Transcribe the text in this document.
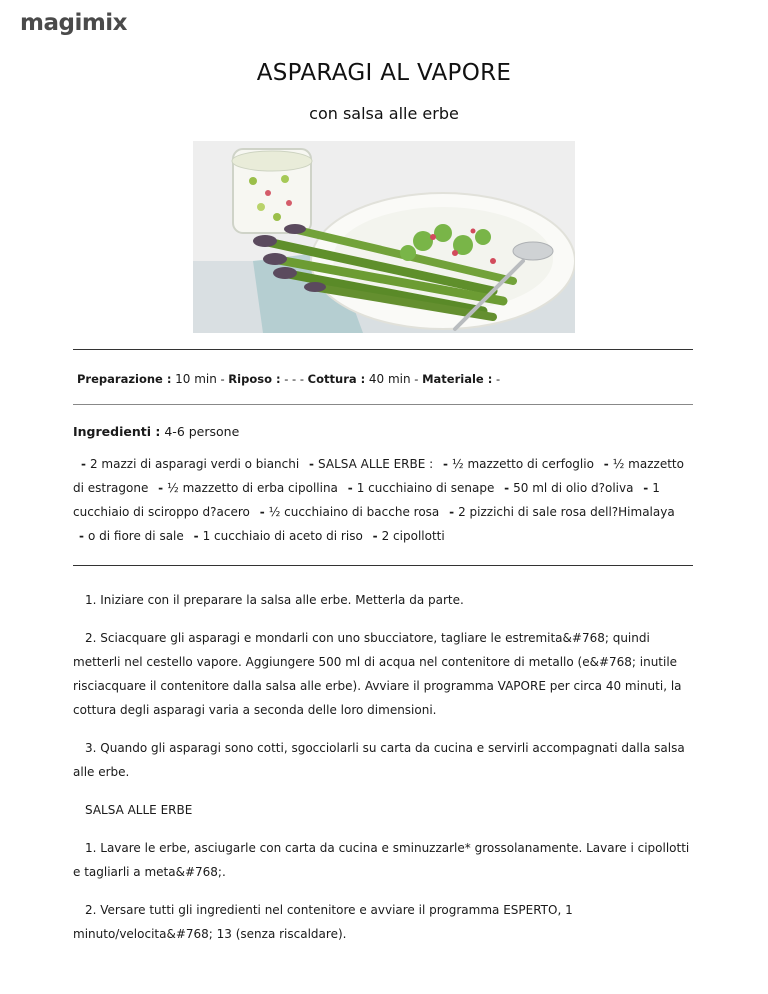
magimix
ASPARAGI AL VAPORE
con salsa alle erbe
Preparazione : 10 min - Riposo : - - - Cottura : 40 min - Materiale : -
Ingredienti : 4-6 persone
- 2 mazzi di asparagi verdi o bianchi - SALSA ALLE ERBE : - ½ mazzetto di cerfoglio - ½ mazzetto di estragone - ½ mazzetto di erba cipollina - 1 cucchiaino di senape - 50 ml di olio d?oliva - 1 cucchiaio di sciroppo d?acero - ½ cucchiaino di bacche rosa - 2 pizzichi di sale rosa dell?Himalaya - o di fiore di sale - 1 cucchiaio di aceto di riso - 2 cipollotti

1. Iniziare con il preparare la salsa alle erbe. Metterla da parte.

2. Sciacquare gli asparagi e mondarli con uno sbucciatore, tagliare le estremita&#768; quindi metterli nel cestello vapore. Aggiungere 500 ml di acqua nel contenitore di metallo (e&#768; inutile risciacquare il contenitore dalla salsa alle erbe). Avviare il programma VAPORE per circa 40 minuti, la cottura degli asparagi varia a seconda delle loro dimensioni.

3. Quando gli asparagi sono cotti, sgocciolarli su carta da cucina e servirli accompagnati dalla salsa alle erbe.

SALSA ALLE ERBE

1. Lavare le erbe, asciugarle con carta da cucina e sminuzzarle* grossolanamente. Lavare i cipollotti e tagliarli a meta&#768;.

2. Versare tutti gli ingredienti nel contenitore e avviare il programma ESPERTO, 1 minuto/velocita&#768; 13 (senza riscaldare).
